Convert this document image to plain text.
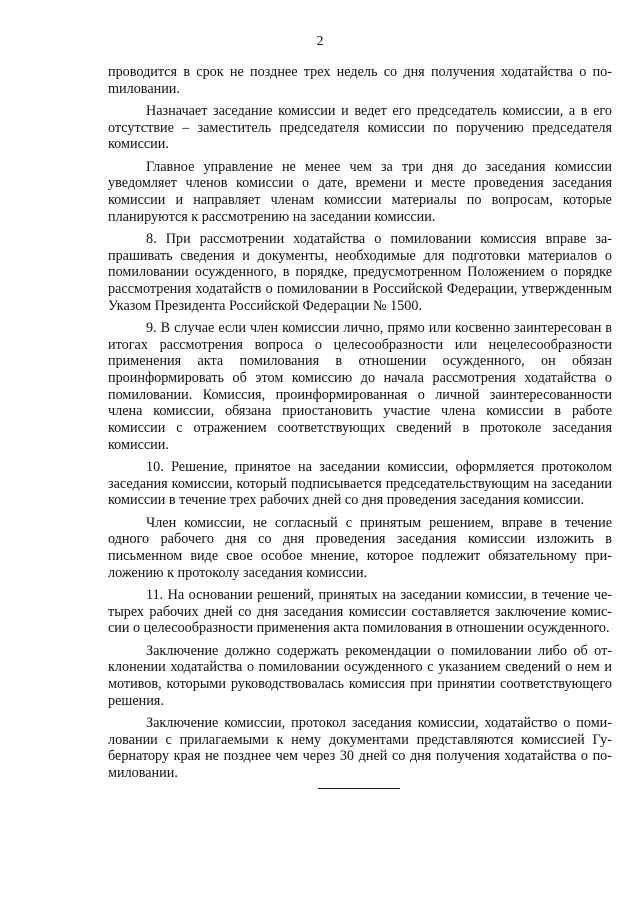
2

проводится в срок не позднее трех недель со дня получения ходатайства о поmиловании.

Назначает заседание комиссии и ведет его председатель комиссии, а в его отсутствие – заместитель председателя комиссии по поручению председателя комиссии.

Главное управление не менее чем за три дня до заседания комиссии уведомляет членов комиссии о дате, времени и месте проведения заседания комиссии и направляет членам комиссии материалы по вопросам, которые планируются к рассмотрению на заседании комиссии.

8. При рассмотрении ходатайства о помиловании комиссия вправе запрашивать сведения и документы, необходимые для подготовки материалов о помиловании осужденного, в порядке, предусмотренном Положением о порядке рассмотрения ходатайств о помиловании в Российской Федерации, утвержденным Указом Президента Российской Федерации № 1500.

9. В случае если член комиссии лично, прямо или косвенно заинтересован в итогах рассмотрения вопроса о целесообразности или нецелесообразности применения акта помилования в отношении осужденного, он обязан проинформировать об этом комиссию до начала рассмотрения ходатайства о помиловании. Комиссия, проинформированная о личной заинтересованности члена комиссии, обязана приостановить участие члена комиссии в работе комиссии с отражением соответствующих сведений в протоколе заседания комиссии.

10. Решение, принятое на заседании комиссии, оформляется протоколом заседания комиссии, который подписывается председательствующим на заседании комиссии в течение трех рабочих дней со дня проведения заседания комиссии.

Член комиссии, не согласный с принятым решением, вправе в течение одного рабочего дня со дня проведения заседания комиссии изложить в письменном виде свое особое мнение, которое подлежит обязательному приложению к протоколу заседания комиссии.

11. На основании решений, принятых на заседании комиссии, в течение четырех рабочих дней со дня заседания комиссии составляется заключение комиссии о целесообразности применения акта помилования в отношении осужденного.

Заключение должно содержать рекомендации о помиловании либо об отклонении ходатайства о помиловании осужденного с указанием сведений о нем и мотивов, которыми руководствовалась комиссия при принятии соответствующего решения.

Заключение комиссии, протокол заседания комиссии, ходатайство о помиловании с прилагаемыми к нему документами представляются комиссией Губернатору края не позднее чем через 30 дней со дня получения ходатайства о помиловании.
